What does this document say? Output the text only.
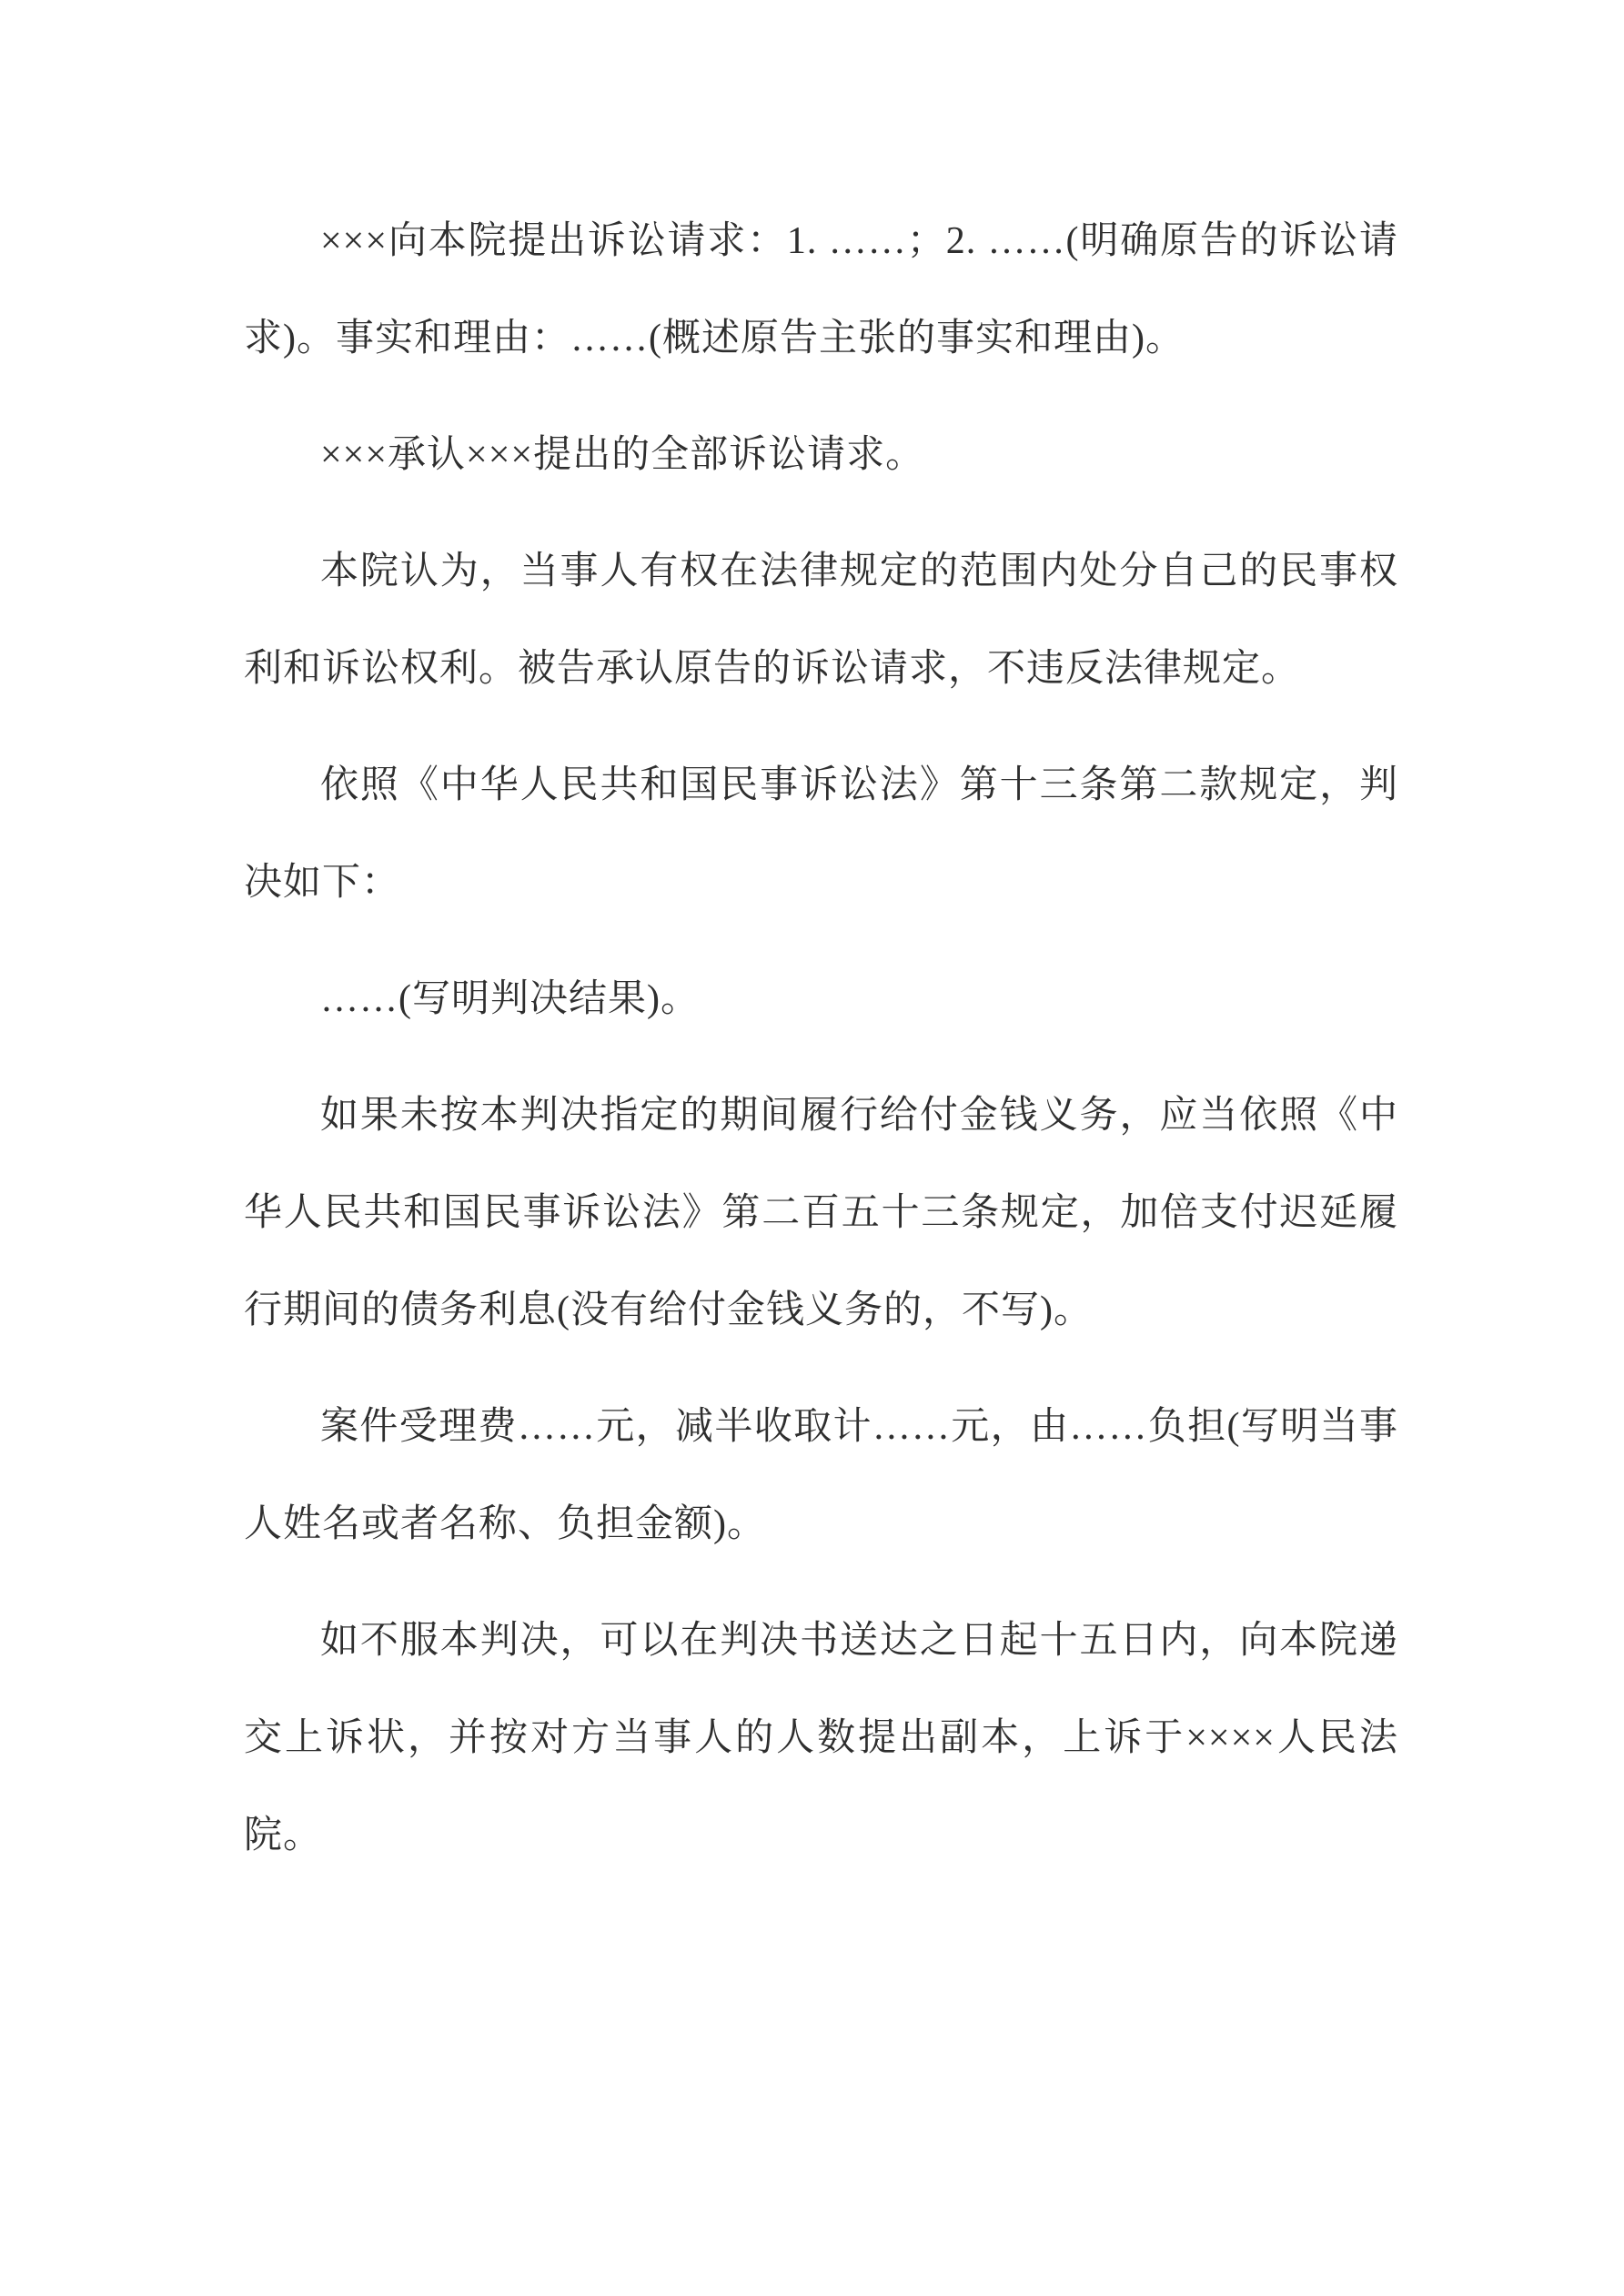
×××向本院提出诉讼请求：1. ……；2. ……(明确原告的诉讼请求)。事实和理由：……(概述原告主张的事实和理由)。

×××承认×××提出的全部诉讼请求。

本院认为，当事人有权在法律规定的范围内处分自己的民事权利和诉讼权利。被告承认原告的诉讼请求，不违反法律规定。

依照《中华人民共和国民事诉讼法》第十三条第二款规定，判决如下：

……(写明判决结果)。

如果未按本判决指定的期间履行给付金钱义务，应当依照《中华人民共和国民事诉讼法》第二百五十三条规定，加倍支付迟延履行期间的债务利息(没有给付金钱义务的，不写)。

案件受理费……元，减半收取计……元，由……负担(写明当事人姓名或者名称、负担金额)。

如不服本判决，可以在判决书送达之日起十五日内，向本院递交上诉状，并按对方当事人的人数提出副本，上诉于××××人民法院。
